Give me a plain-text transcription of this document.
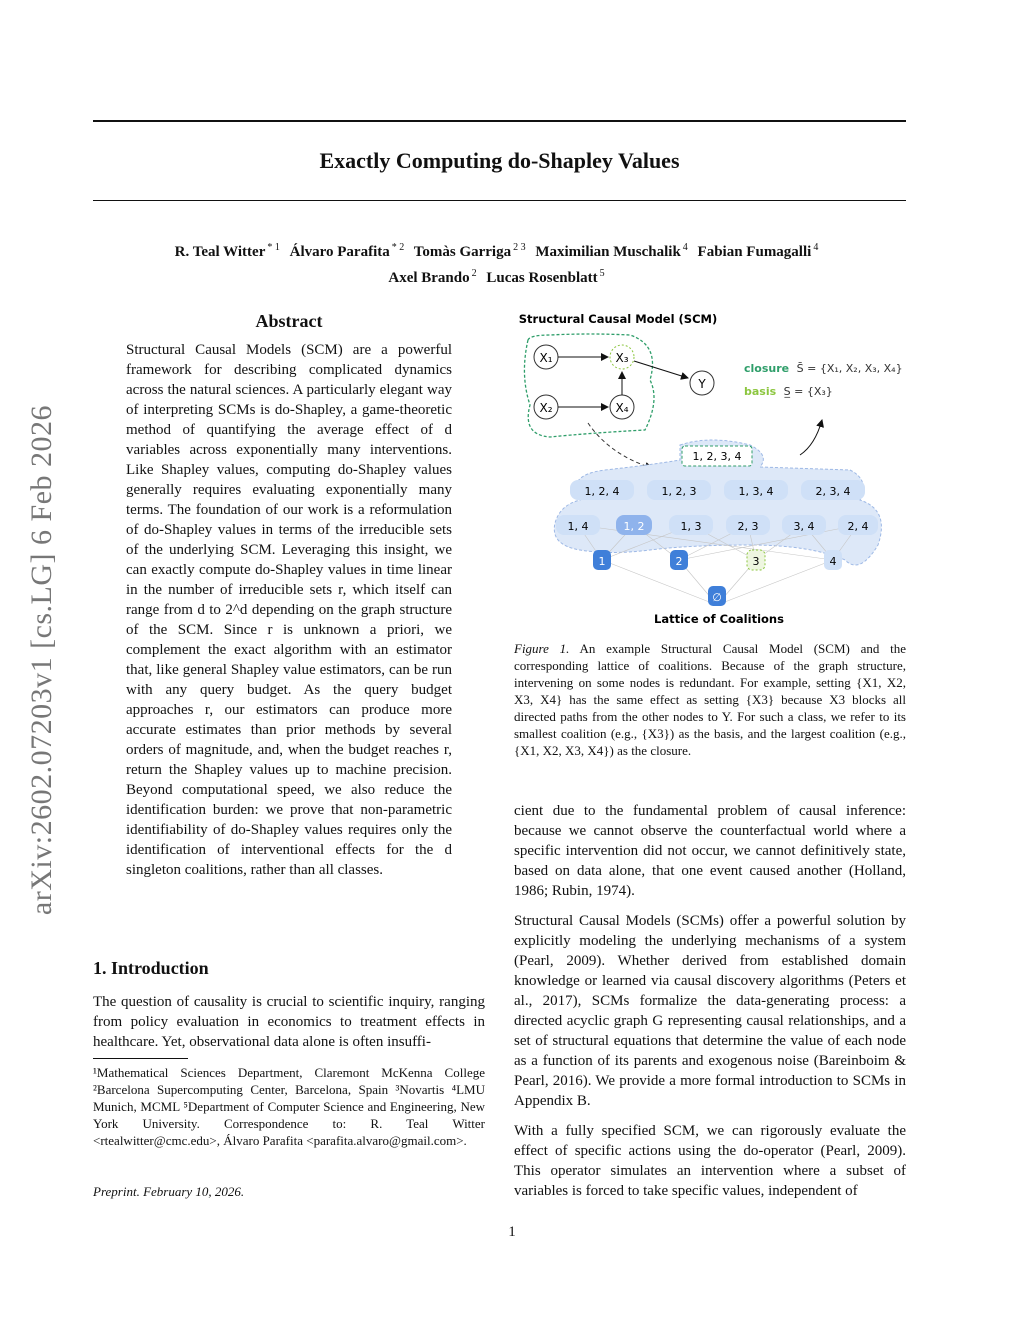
arXiv:2602.07203v1 [cs.LG] 6 Feb 2026
Exactly Computing do-Shapley Values
R. Teal Witter $^{* 1}$ Álvaro Parafita $^{* 2}$ Tomàs Garriga $^{2 3}$ Maximilian Muschalik $^4$ Fabian Fumagalli $^4$
Axel Brando $^2$ Lucas Rosenblatt $^5$
Abstract
Structural Causal Models (SCM) are a powerful framework for describing complicated dynamics across the natural sciences. A particularly elegant way of interpreting SCMs is do-Shapley, a game-theoretic method of quantifying the average effect of d variables across exponentially many interventions. Like Shapley values, computing do-Shapley values generally requires evaluating exponentially many terms. The foundation of our work is a reformulation of do-Shapley values in terms of the irreducible sets of the underlying SCM. Leveraging this insight, we can exactly compute do-Shapley values in time linear in the number of irreducible sets r, which itself can range from d to 2^d depending on the graph structure of the SCM. Since r is unknown a priori, we complement the exact algorithm with an estimator that, like general Shapley value estimators, can be run with any query budget. As the query budget approaches r, our estimators can produce more accurate estimates than prior methods by several orders of magnitude, and, when the budget reaches r, return the Shapley values up to machine precision. Beyond computational speed, we also reduce the identification burden: we prove that non-parametric identifiability of do-Shapley values requires only the identification of interventional effects for the d singleton coalitions, rather than all classes.
1. Introduction

The question of causality is crucial to scientific inquiry, ranging from policy evaluation in economics to treatment effects in healthcare. Yet, observational data alone is often insuffi-

¹Mathematical Sciences Department, Claremont McKenna College ²Barcelona Supercomputing Center, Barcelona, Spain ³Novartis ⁴LMU Munich, MCML ⁵Department of Computer Science and Engineering, New York University. Correspondence to: R. Teal Witter <rtealwitter@cmc.edu>, Álvaro Parafita <parafita.alvaro@gmail.com>.
Preprint. February 10, 2026.
1
Structural Causal Model (SCM)
X₁
X₂
X₃
X₄
Y
closure S̄ = {X₁, X₂, X₃, X₄}
basis S̲ = {X₃}
1, 2, 3, 4
1, 2, 4	1, 2, 3	1, 3, 4	2, 3, 4
1, 4	1, 2	1, 3	2, 3	3, 4	2, 4
1	2	3	4
∅
Lattice of Coalitions
Figure 1. An example Structural Causal Model (SCM) and the corresponding lattice of coalitions. Because of the graph structure, intervening on some nodes is redundant. For example, setting {X1, X2, X3, X4} has the same effect as setting {X3} because X3 blocks all directed paths from the other nodes to Y. For such a class, we refer to its smallest coalition (e.g., {X3}) as the basis, and the largest coalition (e.g., {X1, X2, X3, X4}) as the closure.

cient due to the fundamental problem of causal inference: because we cannot observe the counterfactual world where a specific intervention did not occur, we cannot definitively state, based on data alone, that one event caused another (Holland, 1986; Rubin, 1974).

Structural Causal Models (SCMs) offer a powerful solution by explicitly modeling the underlying mechanisms of a system (Pearl, 2009). Whether derived from established domain knowledge or learned via causal discovery algorithms (Peters et al., 2017), SCMs formalize the data-generating process: a directed acyclic graph G representing causal relationships, and a set of structural equations that determine the value of each node as a function of its parents and exogenous noise (Bareinboim & Pearl, 2016). We provide a more formal introduction to SCMs in Appendix B.

With a fully specified SCM, we can rigorously evaluate the effect of specific actions using the do-operator (Pearl, 2009). This operator simulates an intervention where a subset of variables is forced to take specific values, independent of
